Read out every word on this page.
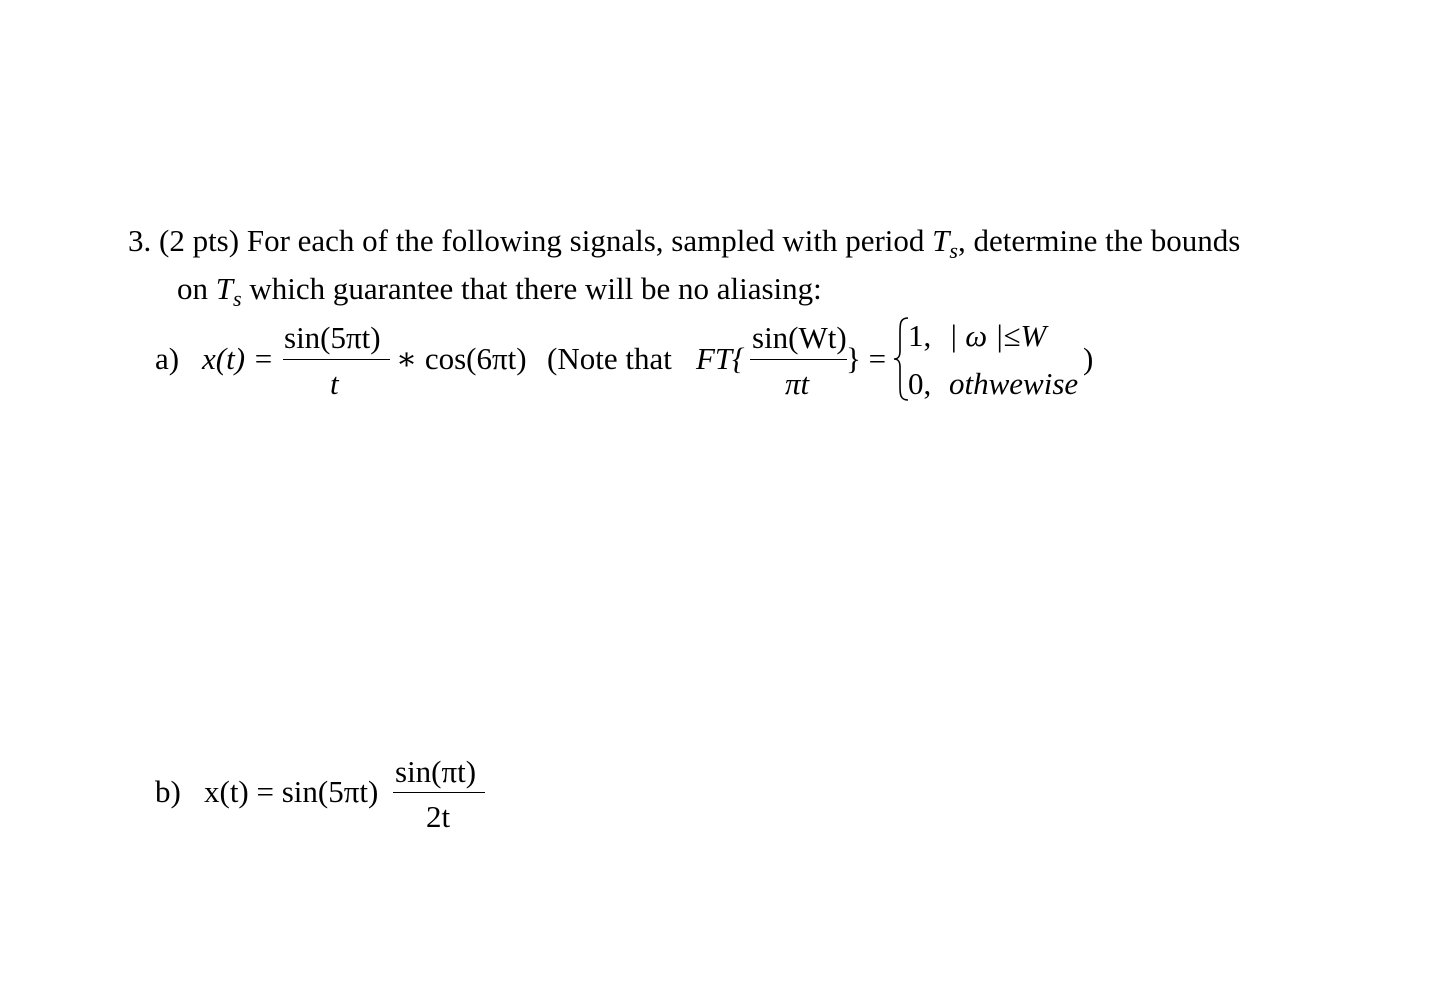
3. (2 pts) For each of the following signals, sampled with period $T_s$, determine the bounds
on $T_s$ which guarantee that there will be no aliasing:
a) x(t) =
sin(5πt)
t
∗ cos(6πt) (Note that FT{
sin(Wt)
πt
} =
1, | ω |≤W
0, othwewise
)
b) x(t) = sin(5πt)
sin(πt)
2t
